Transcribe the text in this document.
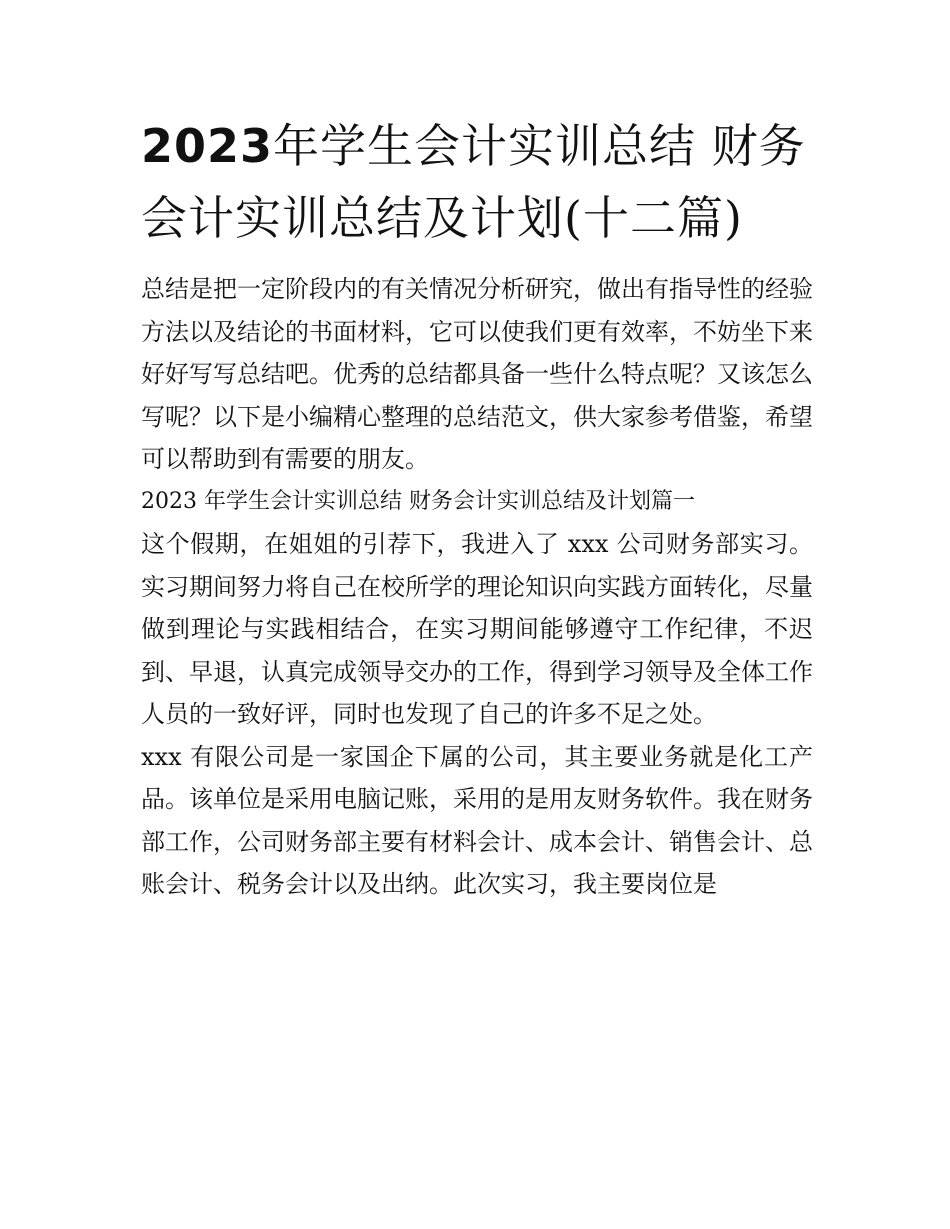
2023年学生会计实训总结 财务会计实训总结及计划(十二篇)

总结是把一定阶段内的有关情况分析研究，做出有指导性的经验方法以及结论的书面材料，它可以使我们更有效率，不妨坐下来好好写写总结吧。优秀的总结都具备一些什么特点呢？又该怎么写呢？以下是小编精心整理的总结范文，供大家参考借鉴，希望可以帮助到有需要的朋友。

2023 年学生会计实训总结 财务会计实训总结及计划篇一

这个假期，在姐姐的引荐下，我进入了 xxx 公司财务部实习。实习期间努力将自己在校所学的理论知识向实践方面转化，尽量做到理论与实践相结合，在实习期间能够遵守工作纪律，不迟到、早退，认真完成领导交办的工作，得到学习领导及全体工作人员的一致好评，同时也发现了自己的许多不足之处。

xxx 有限公司是一家国企下属的公司，其主要业务就是化工产品。该单位是采用电脑记账，采用的是用友财务软件。我在财务部工作，公司财务部主要有材料会计、成本会计、销售会计、总账会计、税务会计以及出纳。此次实习，我主要岗位是
